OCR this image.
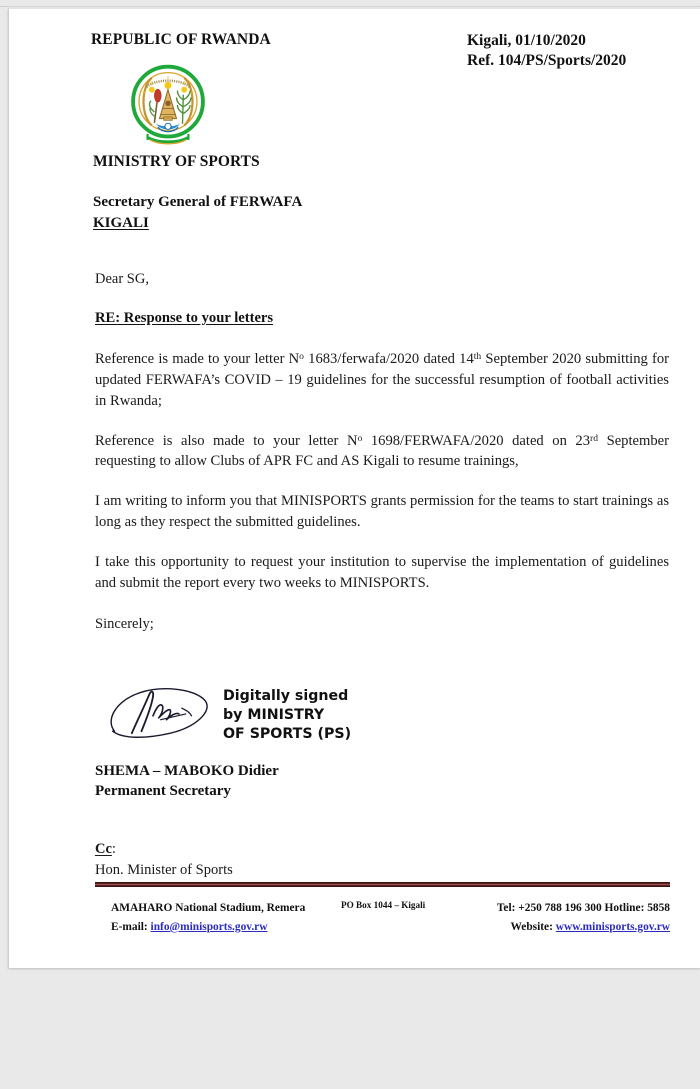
REPUBLIC OF RWANDA	Kigali, 01/10/2020
Ref. 104/PS/Sports/2020
MINISTRY OF SPORTS
Secretary General of FERWAFA
KIGALI
Dear SG,
RE: Response to your letters

Reference is made to your letter $N^o$ 1683/ferwafa/2020 dated 14th September 2020 submitting for updated FERWAFA’s COVID – 19 guidelines for the successful resumption of football activities in Rwanda;

Reference is also made to your letter $N^o$ 1698/FERWAFA/2020 dated on 23rd September requesting to allow Clubs of APR FC and AS Kigali to resume trainings,

I am writing to inform you that MINISPORTS grants permission for the teams to start trainings as long as they respect the submitted guidelines.

I take this opportunity to request your institution to supervise the implementation of guidelines and submit the report every two weeks to MINISPORTS.

Sincerely;
Digitally signed
by MINISTRY
OF SPORTS (PS)
SHEMA – MABOKO Didier
Permanent Secretary
Cc:
Hon. Minister of Sports
AMAHARO National Stadium, Remera
E-mail: info@minisports.gov.rw
PO Box 1044 – Kigali	Tel: +250 788 196 300 Hotline: 5858
Website: www.minisports.gov.rw
